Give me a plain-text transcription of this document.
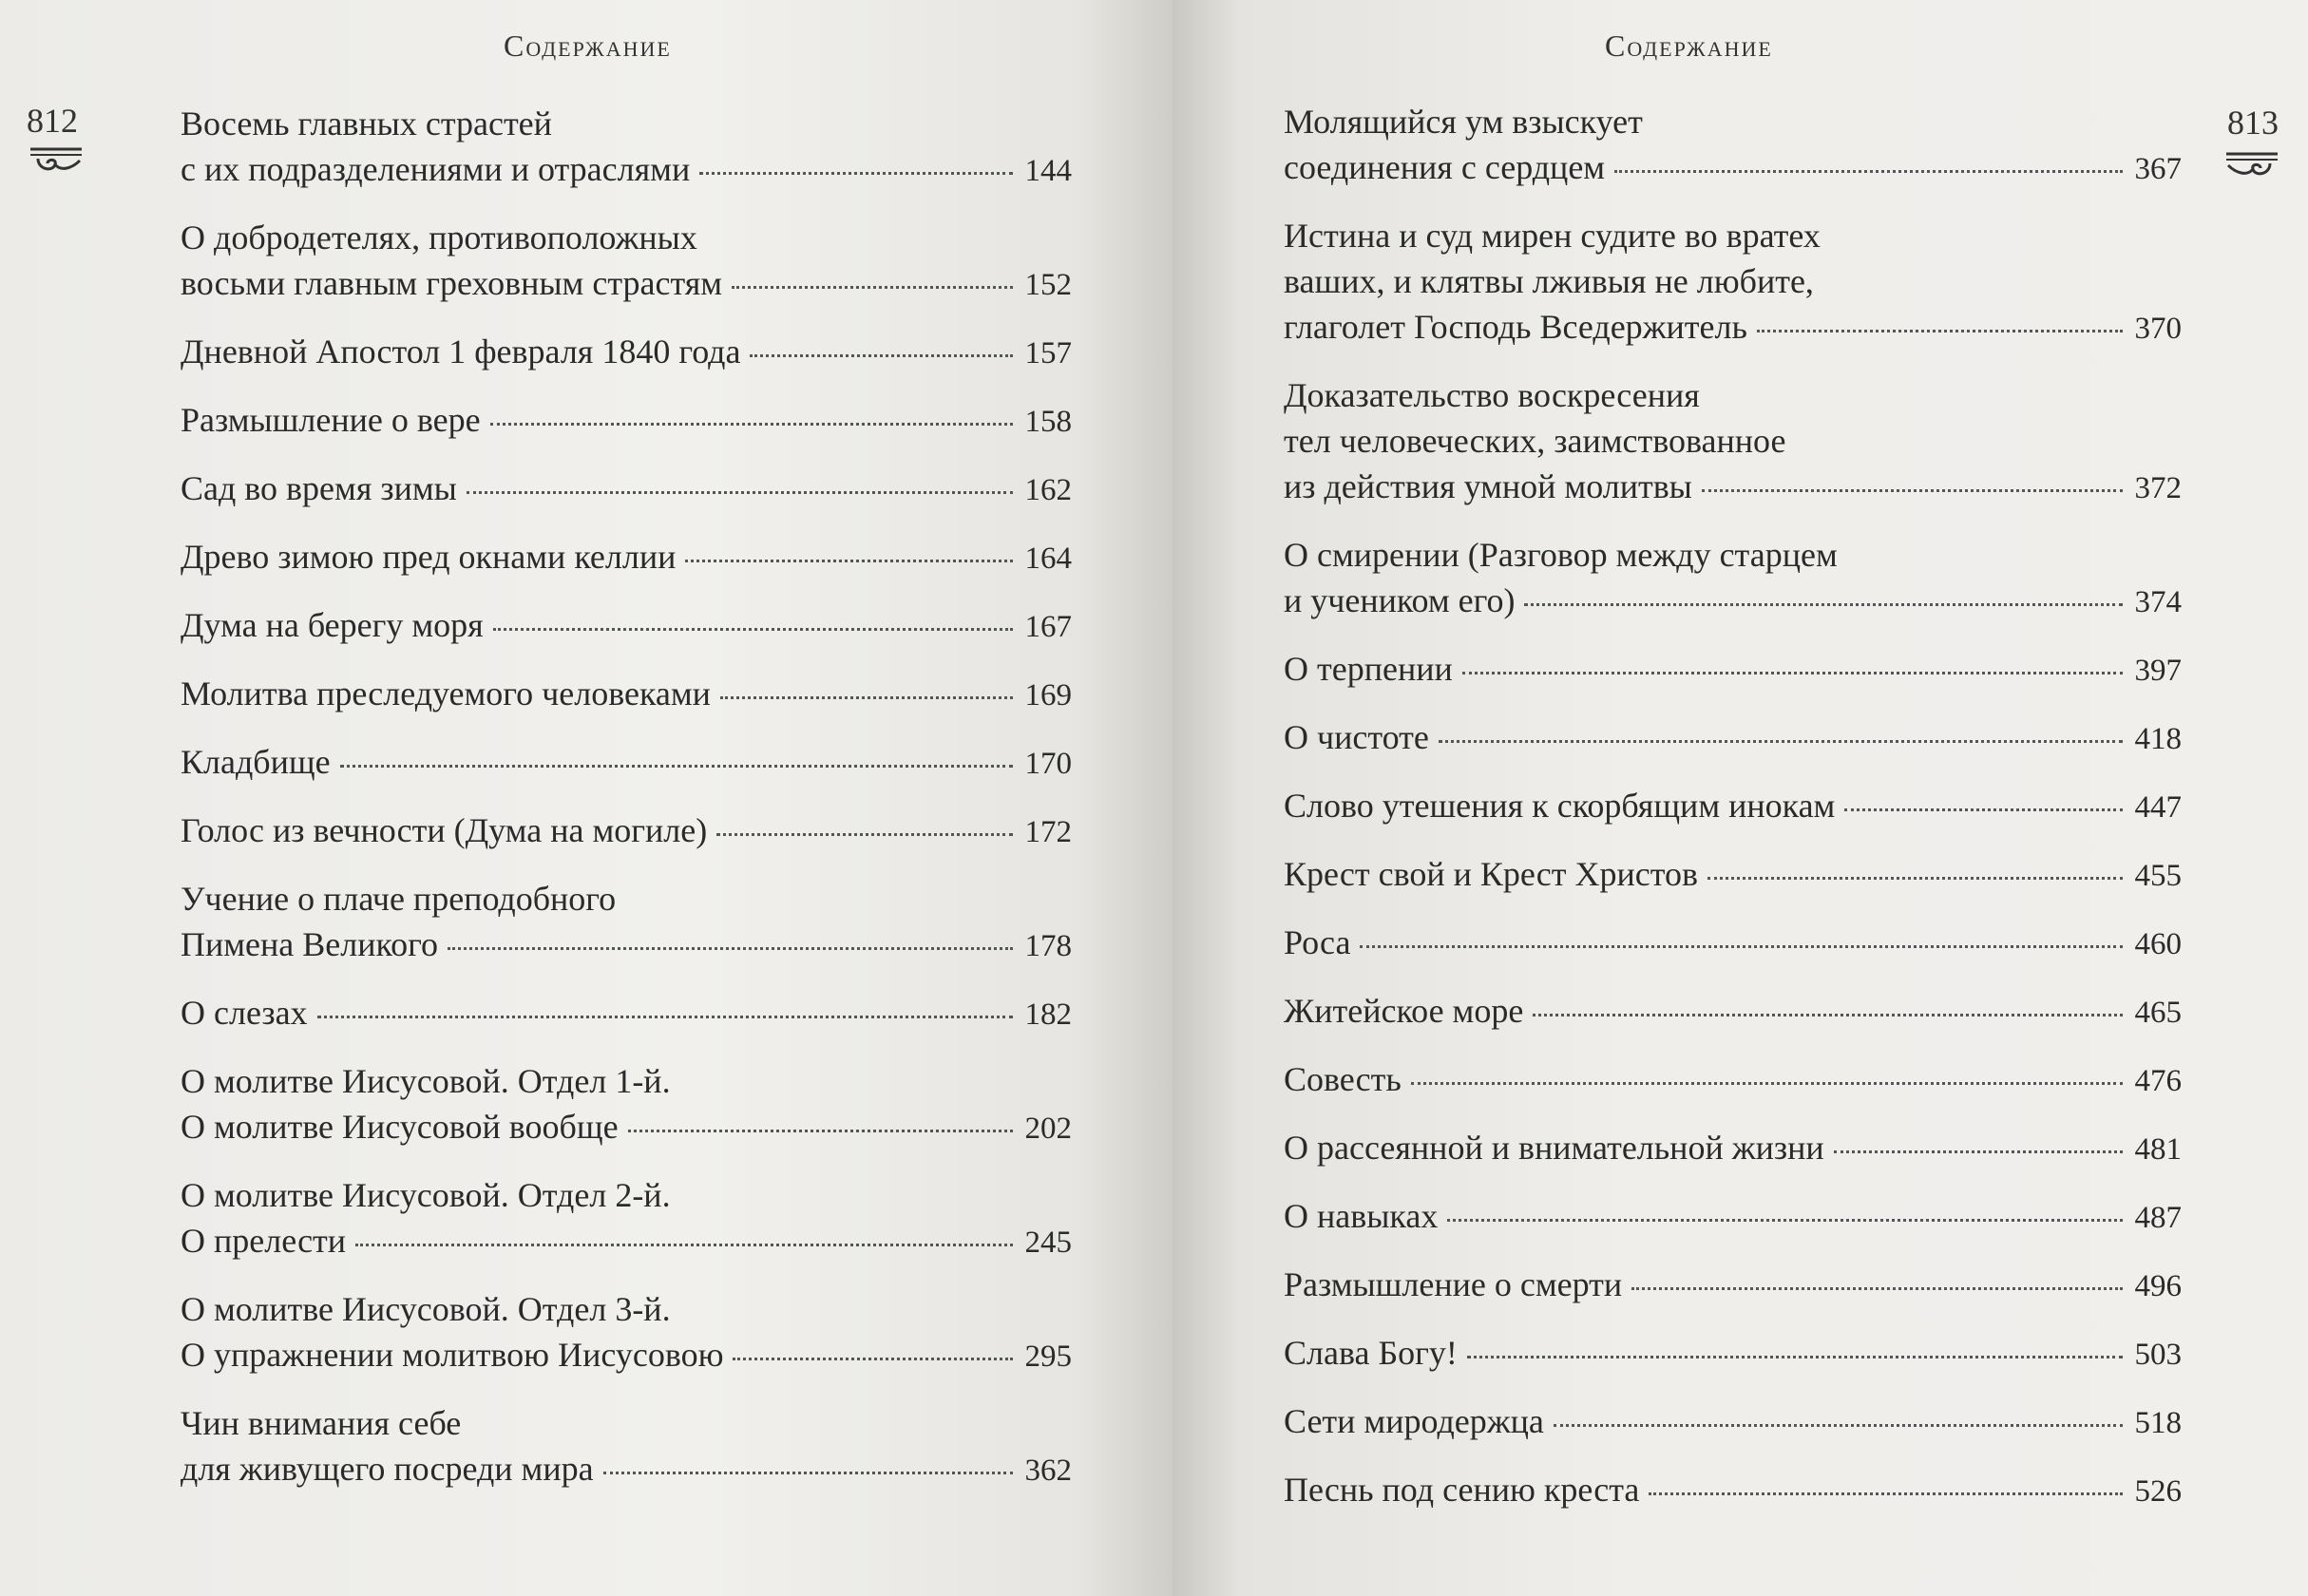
Содержание
812	Восемь главных страстей
с их подразделениями и отраслями	144
О добродетелях, противоположных
восьми главным греховным страстям	152
Дневной Апостол 1 февраля 1840 года	157
Размышление о вере	158
Сад во время зимы	162
Древо зимою пред окнами келлии	164
Дума на берегу моря	167
Молитва преследуемого человеками	169
Кладбище	170
Голос из вечности (Дума на могиле)	172
Учение о плаче преподобного
Пимена Великого	178
О слезах	182
О молитве Иисусовой. Отдел 1-й.
О молитве Иисусовой вообще	202
О молитве Иисусовой. Отдел 2-й.
О прелести	245
О молитве Иисусовой. Отдел 3-й.
О упражнении молитвою Иисусовою	295
Чин внимания себе
для живущего посреди мира	362
Содержание
813
Молящийся ум взыскует
соединения с сердцем	367
Истина и суд мирен судите во вратех
ваших, и клятвы лживыя не любите,
глаголет Господь Вседержитель	370
Доказательство воскресения
тел человеческих, заимствованное
из действия умной молитвы	372
О смирении (Разговор между старцем
и учеником его)	374
О терпении	397
О чистоте	418
Слово утешения к скорбящим инокам	447
Крест свой и Крест Христов	455
Роса	460
Житейское море	465
Совесть	476
О рассеянной и внимательной жизни	481
О навыках	487
Размышление о смерти	496
Слава Богу!	503
Сети миродержца	518
Песнь под сению креста	526
